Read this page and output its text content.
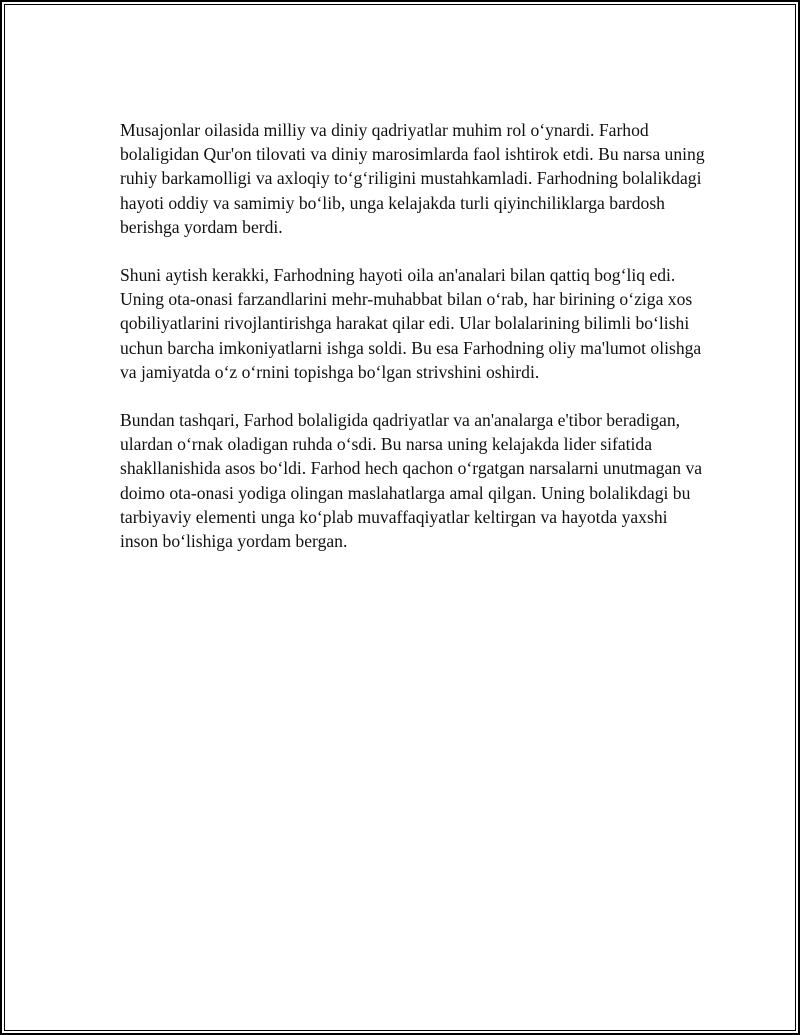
Musajonlar oilasida milliy va diniy qadriyatlar muhim rol o‘ynardi. Farhod bolaligidan Qur'on tilovati va diniy marosimlarda faol ishtirok etdi. Bu narsa uning ruhiy barkamolligi va axloqiy to‘g‘riligini mustahkamladi. Farhodning bolalikdagi hayoti oddiy va samimiy bo‘lib, unga kelajakda turli qiyinchiliklarga bardosh berishga yordam berdi.

Shuni aytish kerakki, Farhodning hayoti oila an'analari bilan qattiq bog‘liq edi. Uning ota-onasi farzandlarini mehr-muhabbat bilan o‘rab, har birining o‘ziga xos qobiliyatlarini rivojlantirishga harakat qilar edi. Ular bolalarining bilimli bo‘lishi uchun barcha imkoniyatlarni ishga soldi. Bu esa Farhodning oliy ma'lumot olishga va jamiyatda o‘z o‘rnini topishga bo‘lgan strivshini oshirdi.

Bundan tashqari, Farhod bolaligida qadriyatlar va an'analarga e'tibor beradigan, ulardan o‘rnak oladigan ruhda o‘sdi. Bu narsa uning kelajakda lider sifatida shakllanishida asos bo‘ldi. Farhod hech qachon o‘rgatgan narsalarni unutmagan va doimo ota-onasi yodiga olingan maslahatlarga amal qilgan. Uning bolalikdagi bu tarbiyaviy elementi unga ko‘plab muvaffaqiyatlar keltirgan va hayotda yaxshi inson bo‘lishiga yordam bergan.
